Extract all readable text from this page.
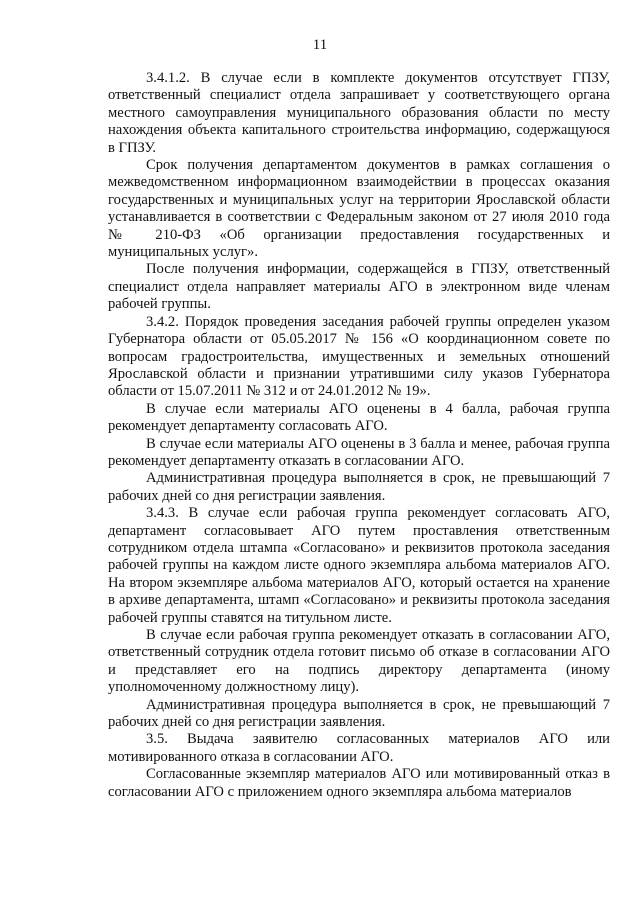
11

3.4.1.2. В случае если в комплекте документов отсутствует ГПЗУ, ответственный специалист отдела запрашивает у соответствующего органа местного самоуправления муниципального образования области по месту нахождения объекта капитального строительства информацию, содержащуюся в ГПЗУ.

Срок получения департаментом документов в рамках соглашения о межведомственном информационном взаимодействии в процессах оказания государственных и муниципальных услуг на территории Ярославской области устанавливается в соответствии с Федеральным законом от 27 июля 2010 года № 210-ФЗ «Об организации предоставления государственных и муниципальных услуг».

После получения информации, содержащейся в ГПЗУ, ответственный специалист отдела направляет материалы АГО в электронном виде членам рабочей группы.

3.4.2. Порядок проведения заседания рабочей группы определен указом Губернатора области от 05.05.2017 № 156 «О координационном совете по вопросам градостроительства, имущественных и земельных отношений Ярославской области и признании утратившими силу указов Губернатора области от 15.07.2011 № 312 и от 24.01.2012 № 19».

В случае если материалы АГО оценены в 4 балла, рабочая группа рекомендует департаменту согласовать АГО.

В случае если материалы АГО оценены в 3 балла и менее, рабочая группа рекомендует департаменту отказать в согласовании АГО.

Административная процедура выполняется в срок, не превышающий 7 рабочих дней со дня регистрации заявления.

3.4.3. В случае если рабочая группа рекомендует согласовать АГО, департамент согласовывает АГО путем проставления ответственным сотрудником отдела штампа «Согласовано» и реквизитов протокола заседания рабочей группы на каждом листе одного экземпляра альбома материалов АГО. На втором экземпляре альбома материалов АГО, который остается на хранение в архиве департамента, штамп «Согласовано» и реквизиты протокола заседания рабочей группы ставятся на титульном листе.

В случае если рабочая группа рекомендует отказать в согласовании АГО, ответственный сотрудник отдела готовит письмо об отказе в согласовании АГО и представляет его на подпись директору департамента (иному уполномоченному должностному лицу).

Административная процедура выполняется в срок, не превышающий 7 рабочих дней со дня регистрации заявления.

3.5. Выдача заявителю согласованных материалов АГО или мотивированного отказа в согласовании АГО.

Согласованные экземпляр материалов АГО или мотивированный отказ в согласовании АГО с приложением одного экземпляра альбома материалов
